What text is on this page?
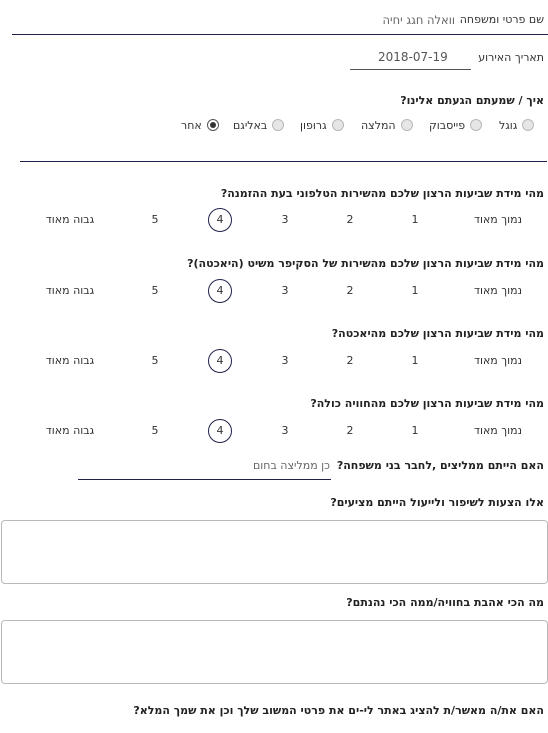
שם פרטי ומשפחה
וואלה חגג יחיה
תאריך האירוע
2018-07-19
איך / שמעתם הגעתם אלינו?
גוגל
פייסבוק
המלצה
גרופון
באליגם
אחר
מהי מידת שביעות הרצון שלכם מהשירות הטלפוני בעת ההזמנה?
נמוך מאוד
1
2
3
4
5
גבוה מאוד
מהי מידת שביעות הרצון שלכם מהשירות של הסקיפר משיט (היאכטה)?
נמוך מאוד
1
2
3
4
5
גבוה מאוד
מהי מידת שביעות הרצון שלכם מהיאכטה?
נמוך מאוד
1
2
3
4
5
גבוה מאוד
מהי מידת שביעות הרצון שלכם מהחוויה כולה?
נמוך מאוד
1
2
3
4
5
גבוה מאוד
האם הייתם ממליצים ,לחבר בני משפחה?
כן ממליצה בחום
אלו הצעות לשיפור ולייעול הייתם מציעים?
מה הכי אהבת בחוויה/ממה הכי נהנתם?
האם את/ה מאשר/ת להציג באתר לי-ים את פרטי המשוב שלך וכן את שמך המלא?
